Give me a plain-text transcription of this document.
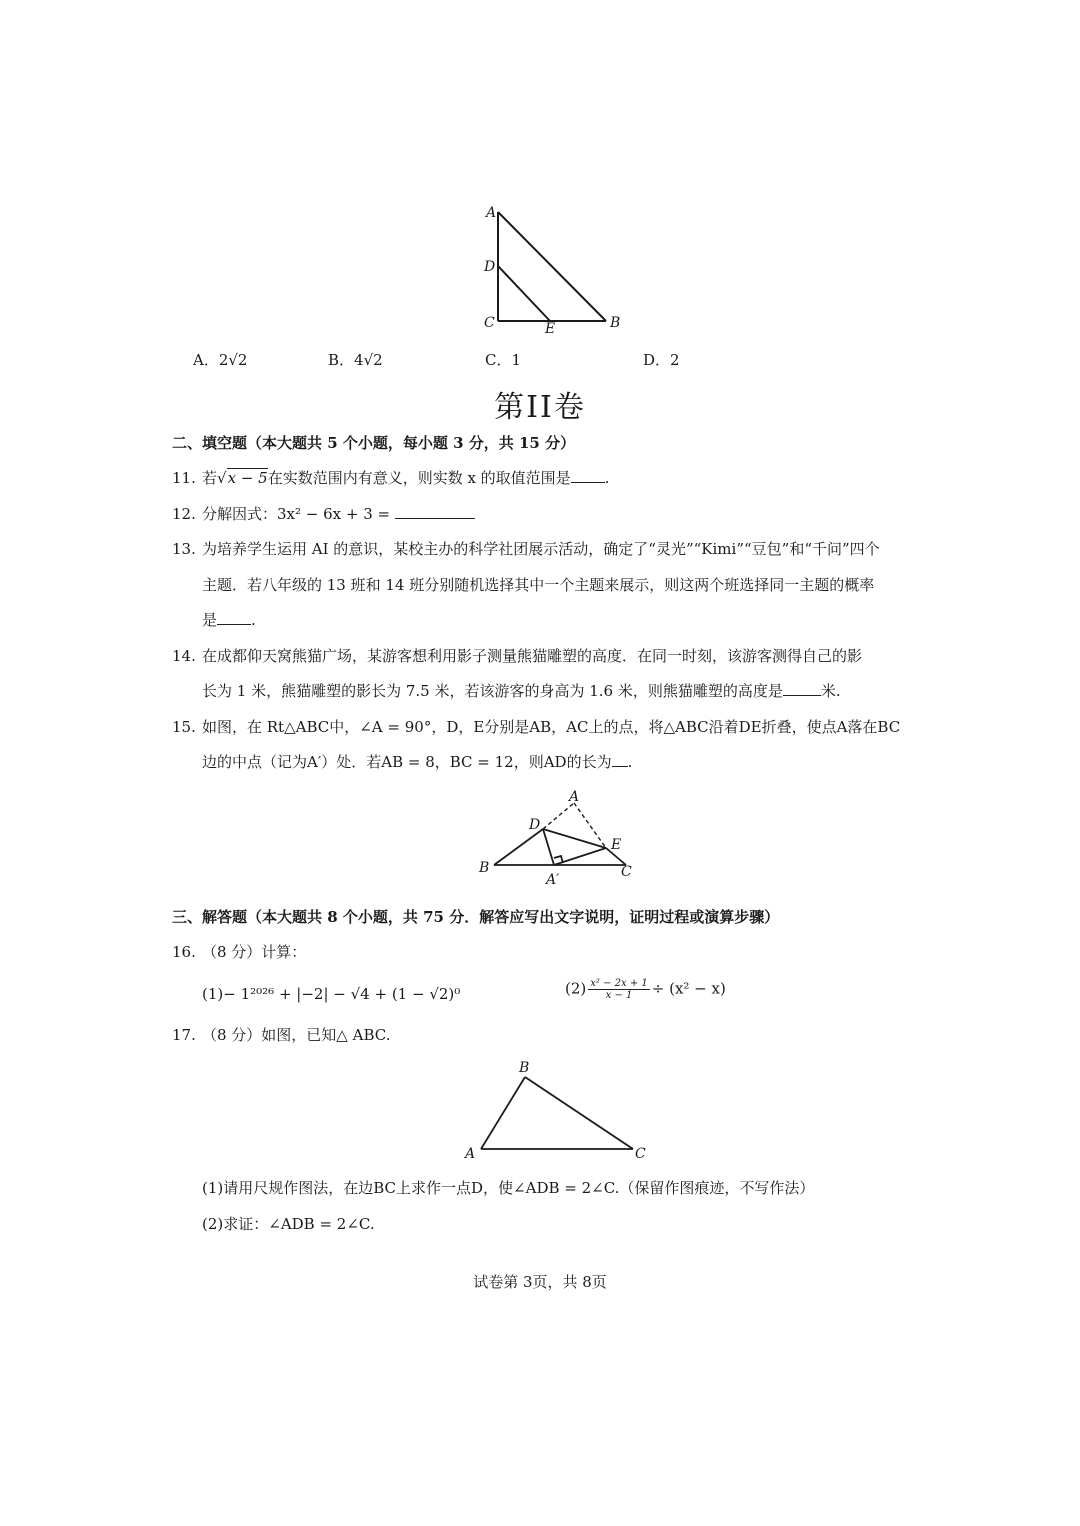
A
D
C	E	B
A．2√2	B．4√2	C．1	D．2
第II卷
二、填空题（本大题共 5 个小题，每小题 3 分，共 15 分）
11. 若√x − 5在实数范围内有意义，则实数 x 的取值范围是 .
12. 分解因式：3x² − 6x + 3 =
13. 为培养学生运用 AI 的意识，某校主办的科学社团展示活动，确定了“灵光”“Kimi”“豆包”和“千问”四个
主题．若八年级的 13 班和 14 班分别随机选择其中一个主题来展示，则这两个班选择同一主题的概率
是 .
14. 在成都仰天窝熊猫广场，某游客想利用影子测量熊猫雕塑的高度．在同一时刻，该游客测得自己的影
长为 1 米，熊猫雕塑的影长为 7.5 米，若该游客的身高为 1.6 米，则熊猫雕塑的高度是	米.
15. 如图，在 Rt△ABC中，∠A = 90°，D，E分别是AB，AC上的点，将△ABC沿着DE折叠，使点A落在BC
边的中点（记为A′）处．若AB = 8，BC = 12，则AD的长为 .
A
D
E
B
A′	C
三、解答题（本大题共 8 个小题，共 75 分．解答应写出文字说明，证明过程或演算步骤）
16. （8 分）计算：
(1)− 1²⁰²⁶ + |−2| − √4 + (1 − √2)⁰	$(2) \frac{\text{x² − 2x + 1}}{x - 1} \div (x^2 - x)$
17. （8 分）如图，已知△ ABC.
B
A	C
(1)请用尺规作图法，在边BC上求作一点D，使∠ADB = 2∠C.（保留作图痕迹，不写作法）
(2)求证：∠ADB = 2∠C.
试卷第 3页，共 8页
